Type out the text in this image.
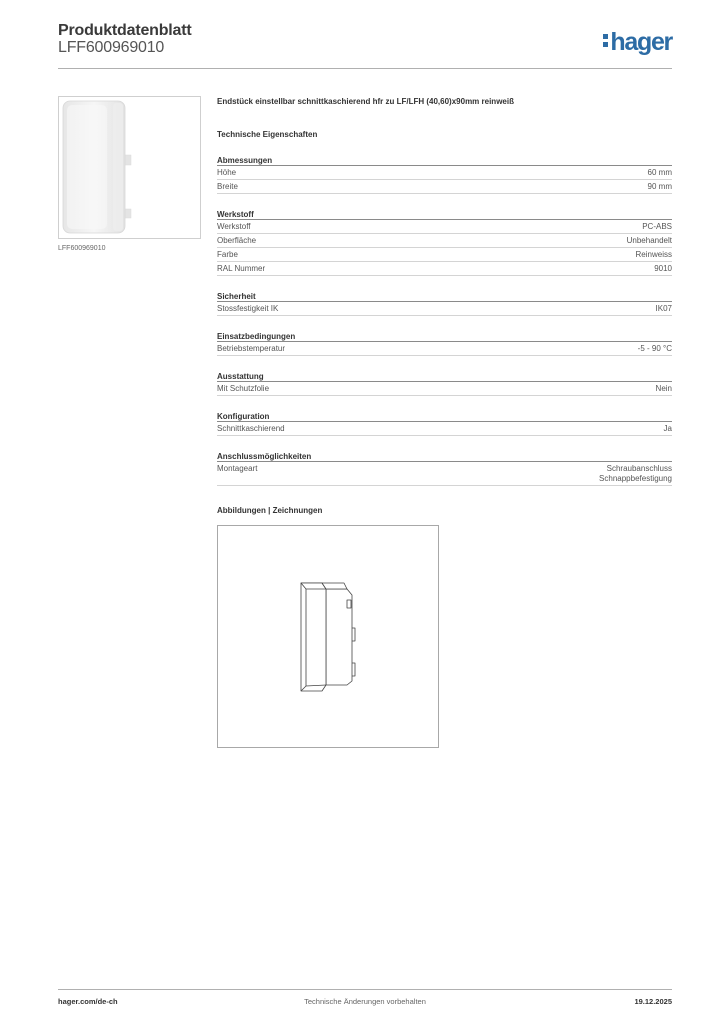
Produktdatenblatt
LFF600969010	hager
LFF600969010
Endstück einstellbar schnittkaschierend hfr zu LF/LFH (40,60)x90mm reinweiß
Technische Eigenschaften
Abmessungen
Höhe	60 mm
Breite	90 mm
Werkstoff
Werkstoff	PC-ABS
Oberfläche	Unbehandelt
Farbe	Reinweiss
RAL Nummer	9010
Sicherheit
Stossfestigkeit IK	IK07
Einsatzbedingungen
Betriebstemperatur	-5 - 90 °C
Ausstattung
Mit Schutzfolie	Nein
Konfiguration
Schnittkaschierend	Ja
Anschlussmöglichkeiten
Montageart	Schraubanschluss
Schnappbefestigung
Abbildungen | Zeichnungen
Technische Änderungen vorbehalten
hager.com/de-ch	19.12.2025
